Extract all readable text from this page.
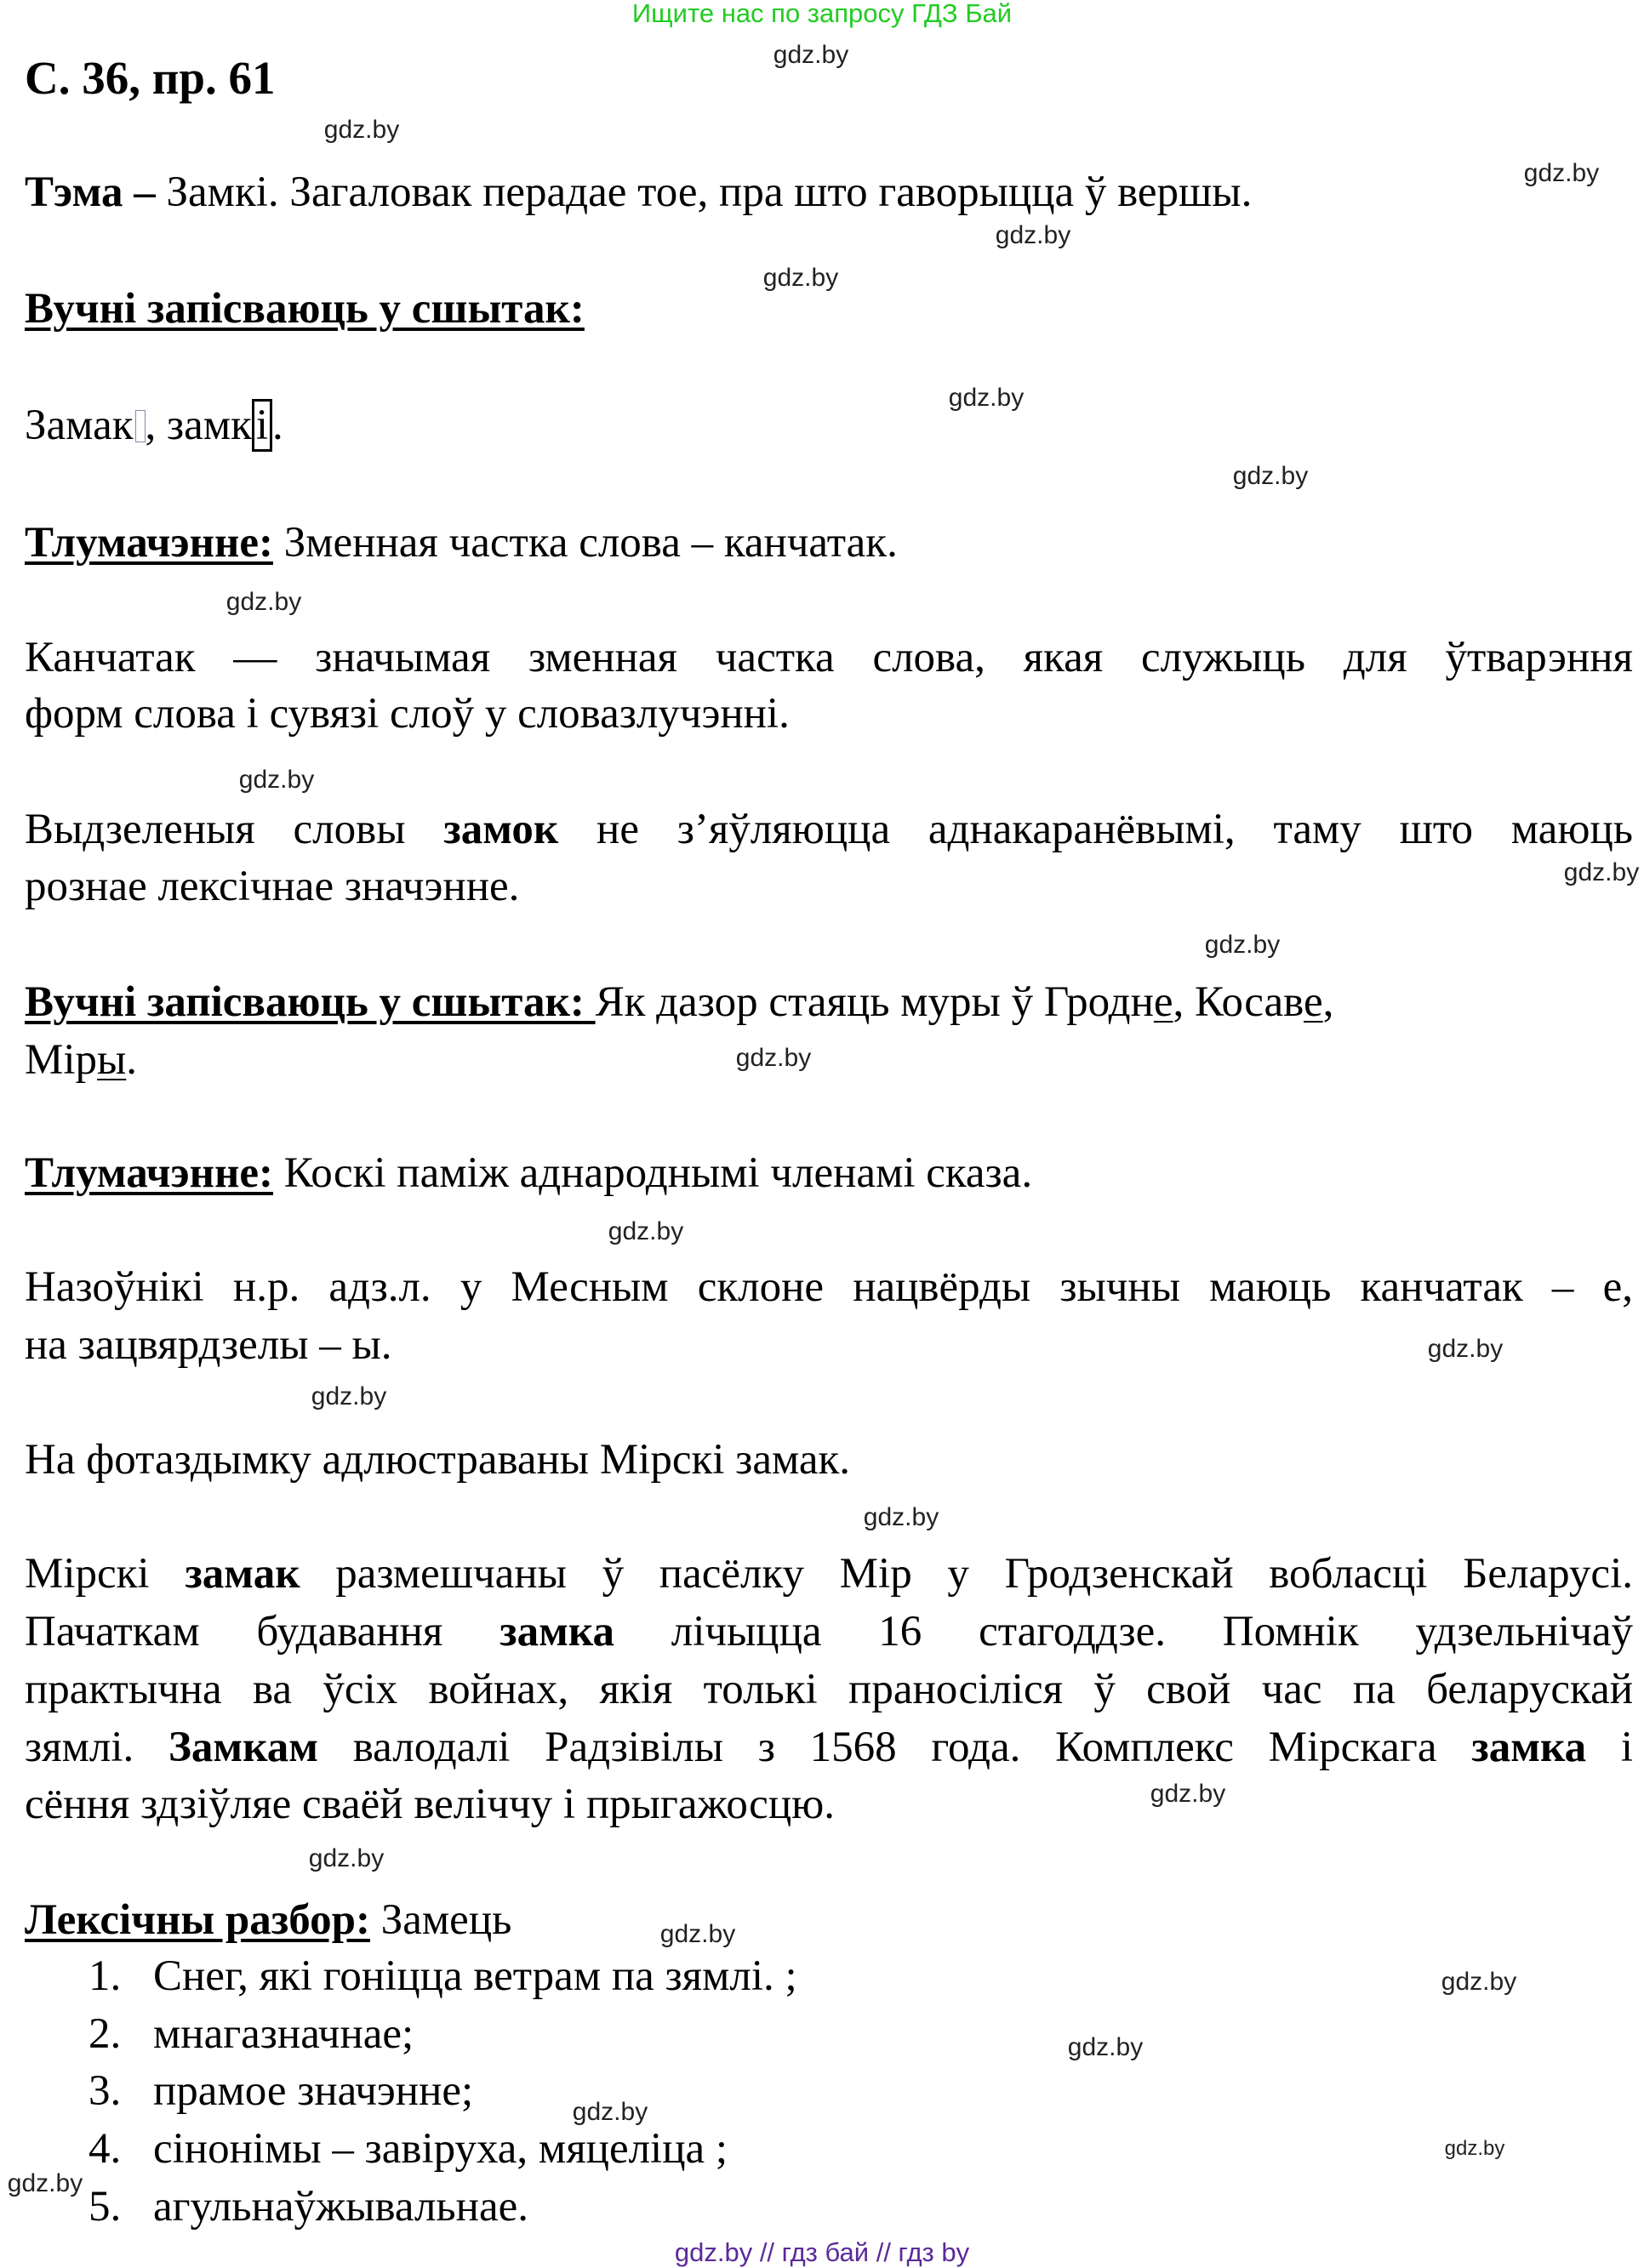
Ищите нас по запросу ГДЗ Бай
С. 36, пр. 61
Тэма – Замкі. Загаловак перадае тое, пра што гаворыцца ў вершы.
Вучні запісваюць у сшытак:
Замак , замкі.
Тлумачэнне: Зменная частка слова – канчатак.
Канчатак — значымая зменная частка слова, якая служыць для ўтварэння
форм слова і сувязі слоў у словазлучэнні.
Выдзеленыя словы замок не з’яўляюцца аднакаранёвымі, таму што маюць
рознае лексічнае значэнне.
Вучні запісваюць у сшытак: Як дазор стаяць муры ў Гродне, Косаве,
Міры.
Тлумачэнне: Коскі паміж аднароднымі членамі сказа.
Назоўнікі н.р. адз.л. у Месным склоне нацвёрды зычны маюць канчатак – е,
на зацвярдзелы – ы.
На фотаздымку адлюстраваны Мірскі замак.
Мірскі замак размешчаны ў пасёлку Мір у Гродзенскай вобласці Беларусі.
Пачаткам будавання замка лічыцца 16 стагоддзе. Помнік удзельнічаў
практычна ва ўсіх войнах, якія толькі праносіліся ў свой час па беларускай
зямлі. Замкам валодалі Радзівілы з 1568 года. Комплекс Мірскага замка і
сёння здзіўляе сваёй веліччу і прыгажосцю.
Лексічны разбор: Замець
1. Снег, які гоніцца ветрам па зямлі. ;
2. мнагазначнае;
3. прамое значэнне;
4. сінонімы – завіруха, мяцеліца ;
5. агульнаўжывальнае.
gdz.by
gdz.by
gdz.by
gdz.by
gdz.by
gdz.by
gdz.by
gdz.by
gdz.by
gdz.by
gdz.by
gdz.by
gdz.by
gdz.by
gdz.by
gdz.by
gdz.by
gdz.by
gdz.by
gdz.by
gdz.by
gdz.by
gdz.by
gdz.by
gdz.by // гдз бай // гдз by
